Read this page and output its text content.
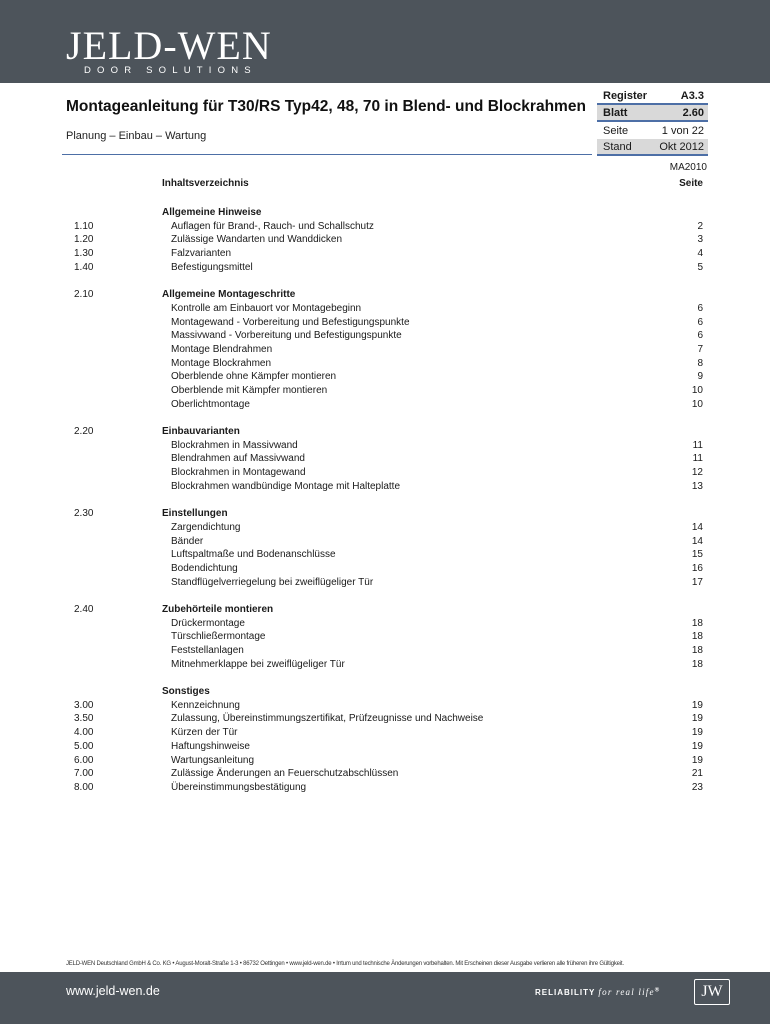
JELD-WEN
DOOR SOLUTIONS
Montageanleitung für T30/RS Typ42, 48, 70 in Blend- und Blockrahmen
Planung – Einbau – Wartung
Register	A3.3
Blatt	2.60
Seite	1 von 22
Stand	Okt 2012
MA2010
Inhaltsverzeichnis	Seite
Allgemeine Hinweise
1.10	Auflagen für Brand-, Rauch- und Schallschutz	2
1.20	Zulässige Wandarten und Wanddicken	3
1.30	Falzvarianten	4
1.40	Befestigungsmittel	5
2.10	Allgemeine Montageschritte
Kontrolle am Einbauort vor Montagebeginn	6
Montagewand - Vorbereitung und Befestigungspunkte	6
Massivwand - Vorbereitung und Befestigungspunkte	6
Montage Blendrahmen	7
Montage Blockrahmen	8
Oberblende ohne Kämpfer montieren	9
Oberblende mit Kämpfer montieren	10
Oberlichtmontage	10
2.20	Einbauvarianten
Blockrahmen in Massivwand	11
Blendrahmen auf Massivwand	11
Blockrahmen in Montagewand	12
Blockrahmen wandbündige Montage mit Halteplatte	13
2.30	Einstellungen
Zargendichtung	14
Bänder	14
Luftspaltmaße und Bodenanschlüsse	15
Bodendichtung	16
Standflügelverriegelung bei zweiflügeliger Tür	17
2.40	Zubehörteile montieren
Drückermontage	18
Türschließermontage	18
Feststellanlagen	18
Mitnehmerklappe bei zweiflügeliger Tür	18
Sonstiges
3.00	Kennzeichnung	19
3.50	Zulassung, Übereinstimmungszertifikat, Prüfzeugnisse und Nachweise	19
4.00	Kürzen der Tür	19
5.00	Haftungshinweise	19
6.00	Wartungsanleitung	19
7.00	Zulässige Änderungen an Feuerschutzabschlüssen	21
8.00	Übereinstimmungsbestätigung	23
JELD-WEN Deutschland GmbH & Co. KG • August-Moralt-Straße 1-3 • 86732 Oettingen • www.jeld-wen.de • Irrtum und technische Änderungen vorbehalten. Mit Erscheinen dieser Ausgabe verlieren alle früheren ihre Gültigkeit.
www.jeld-wen.de	RELIABILITY for real life®	JW
